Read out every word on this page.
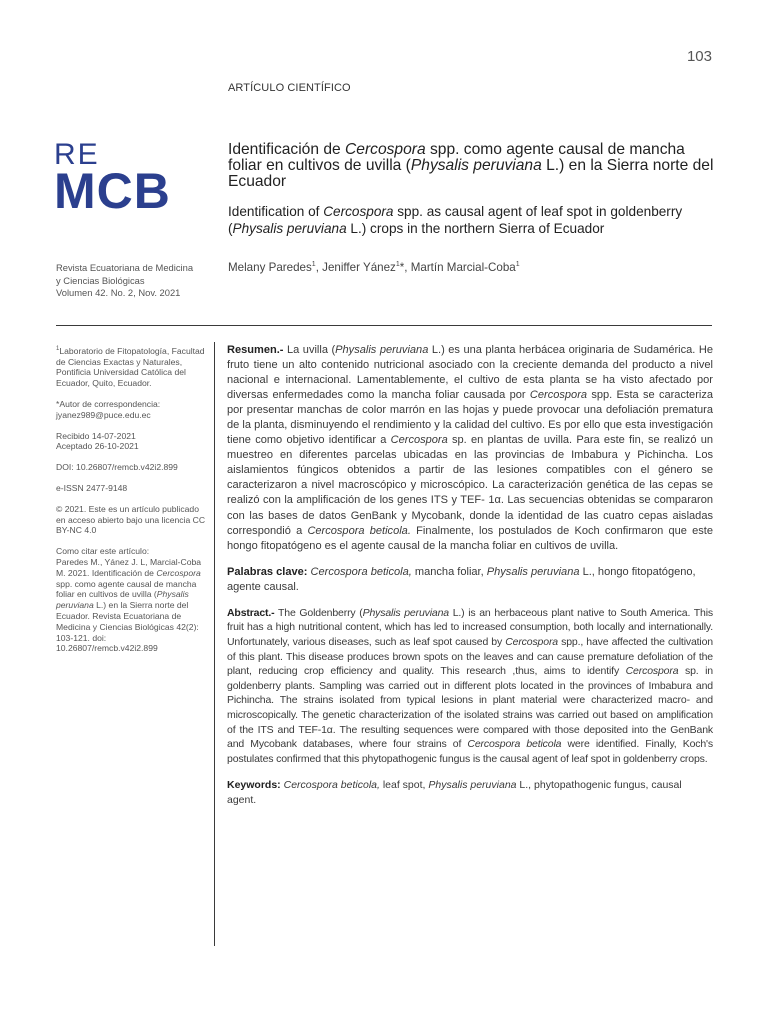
103
ARTÍCULO CIENTÍFICO
RE
MCB
Identificación de Cercospora spp. como agente causal de mancha foliar en cultivos de uvilla (Physalis peruviana L.) en la Sierra norte del Ecuador
Identification of Cercospora spp. as causal agent of leaf spot in goldenberry (Physalis peruviana L.) crops in the northern Sierra of Ecuador
Revista Ecuatoriana de Medicina
y Ciencias Biológicas
Volumen 42. No. 2, Nov. 2021
Melany Paredes$^1$, Jeniffer Yánez$^1$*, Martín Marcial-Coba$^1$
$^1$Laboratorio de Fitopatología, Facultad de Ciencias Exactas y Naturales, Pontificia Universidad Católica del Ecuador, Quito, Ecuador.
*Autor de correspondencia:
jyanez989@puce.edu.ec
Recibido 14-07-2021
Aceptado 26-10-2021
DOI: 10.26807/remcb.v42i2.899
e-ISSN 2477-9148
© 2021. Este es un artículo publicado en acceso abierto bajo una licencia CC BY-NC 4.0
Como citar este artículo:
Paredes M., Yánez J. L, Marcial-Coba M. 2021. Identificación de Cercospora spp. como agente causal de mancha foliar en cultivos de uvilla (Physalis peruviana L.) en la Sierra norte del Ecuador. Revista Ecuatoriana de Medicina y Ciencias Biológicas 42(2): 103-121. doi: 10.26807/remcb.v42i2.899

Resumen.- La uvilla (Physalis peruviana L.) es una planta herbácea originaria de Sudamérica. He fruto tiene un alto contenido nutricional asociado con la creciente demanda del producto a nivel nacional e internacional. Lamentablemente, el cultivo de esta planta se ha visto afectado por diversas enfermedades como la mancha foliar causada por Cercospora spp. Esta se caracteriza por presentar manchas de color marrón en las hojas y puede provocar una defoliación prematura de la planta, disminuyendo el rendimiento y la calidad del cultivo. Es por ello que esta investigación tiene como objetivo identificar a Cercospora sp. en plantas de uvilla. Para este fin, se realizó un muestreo en diferentes parcelas ubicadas en las provincias de Imbabura y Pichincha. Los aislamientos fúngicos obtenidos a partir de las lesiones compatibles con el género se caracterizaron a nivel macroscópico y microscópico. La caracterización genética de las cepas se realizó con la amplificación de los genes ITS y TEF- 1α. Las secuencias obtenidas se compararon con las bases de datos GenBank y Mycobank, donde la identidad de las cuatro cepas aisladas correspondió a Cercospora beticola. Finalmente, los postulados de Koch confirmaron que este hongo fitopatógeno es el agente causal de la mancha foliar en cultivos de uvilla.

Palabras clave: Cercospora beticola, mancha foliar, Physalis peruviana L., hongo fitopatógeno, agente causal.

Abstract.- The Goldenberry (Physalis peruviana L.) is an herbaceous plant native to South America. This fruit has a high nutritional content, which has led to increased consumption, both locally and internationally. Unfortunately, various diseases, such as leaf spot caused by Cercospora spp., have affected the cultivation of this plant. This disease produces brown spots on the leaves and can cause premature defoliation of the plant, reducing crop efficiency and quality. This research ,thus, aims to identify Cercospora sp. in goldenberry plants. Sampling was carried out in different plots located in the provinces of Imbabura and Pichincha. The strains isolated from typical lesions in plant material were characterized macro- and microscopically. The genetic characterization of the isolated strains was carried out based on amplification of the ITS and TEF-1α. The resulting sequences were compared with those deposited into the GenBank and Mycobank databases, where four strains of Cercospora beticola were identified. Finally, Koch's postulates confirmed that this phytopathogenic fungus is the causal agent of leaf spot in goldenberry crops.

Keywords: Cercospora beticola, leaf spot, Physalis peruviana L., phytopathogenic fungus, causal agent.
